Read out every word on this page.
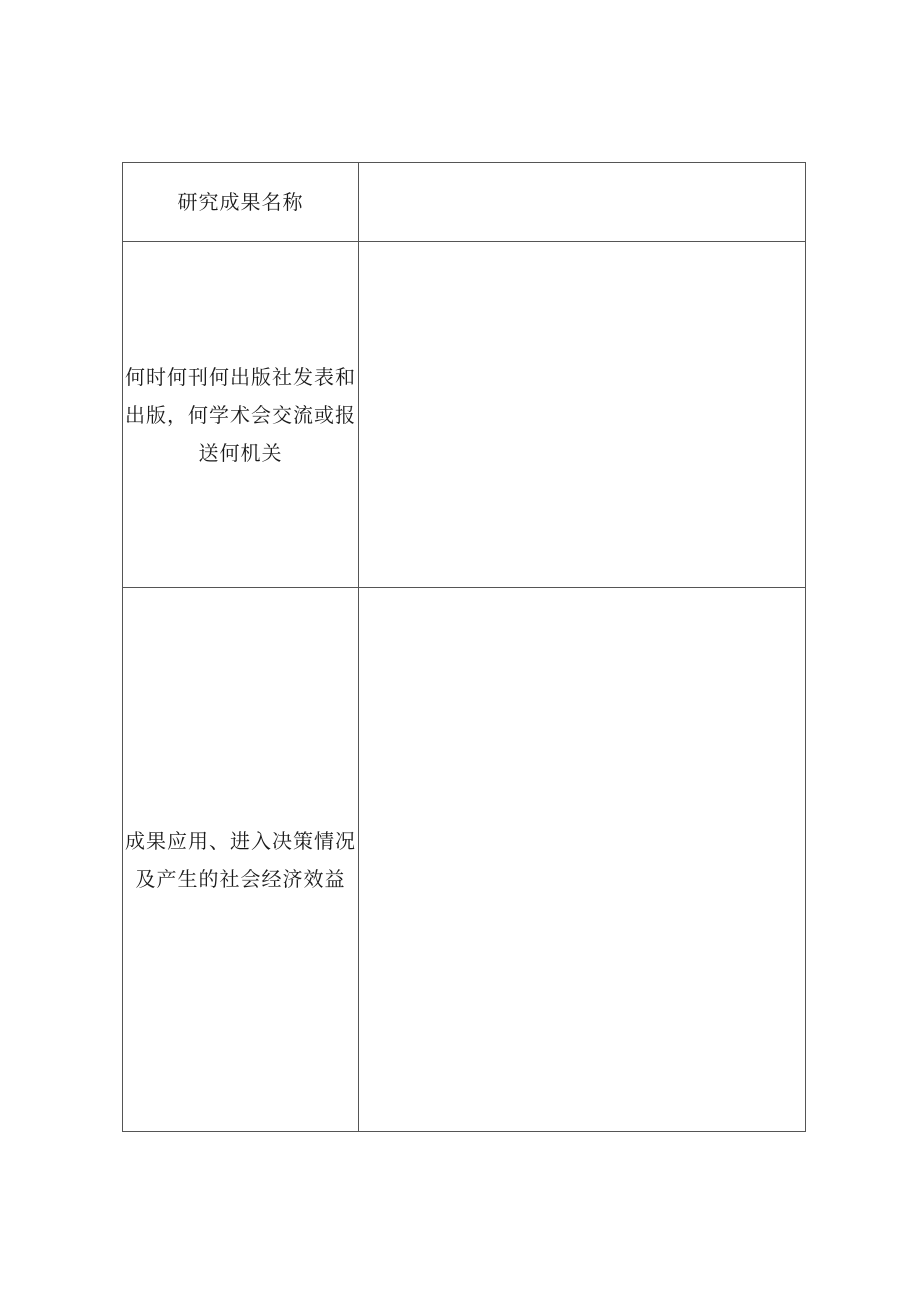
研究成果名称	
何时何刊何出版社发表和出版，何学术会交流或报送何机关	
成果应用、进入决策情况及产生的社会经济效益	
